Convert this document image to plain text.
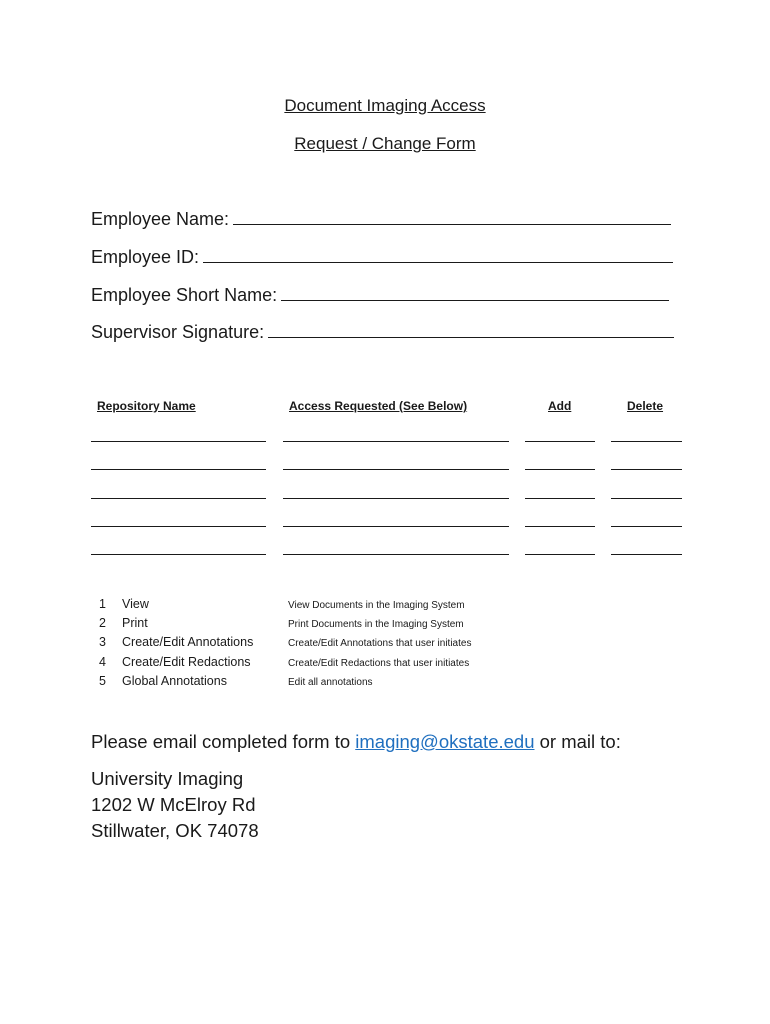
Document Imaging Access
Request / Change Form
Employee Name:
Employee ID:
Employee Short Name:
Supervisor Signature:
Repository Name	Access Requested (See Below)	Add	Delete
1 View	View Documents in the Imaging System
2 Print	Print Documents in the Imaging System
3 Create/Edit Annotations	Create/Edit Annotations that user initiates
4 Create/Edit Redactions	Create/Edit Redactions that user initiates
5 Global Annotations	Edit all annotations
Please email completed form to imaging@okstate.edu or mail to:
University Imaging
1202 W McElroy Rd
Stillwater, OK 74078
